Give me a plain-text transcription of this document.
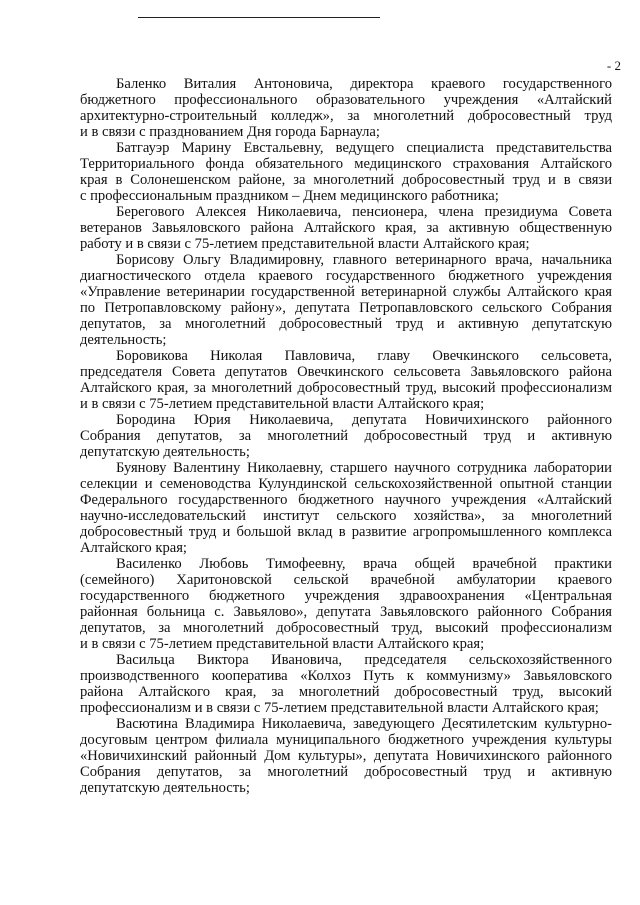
- 2
Баленко Виталия Антоновича, директора краевого государственного
бюджетного профессионального образовательного учреждения «Алтайский
архитектурно-строительный колледж», за многолетний добросовестный труд
и в связи с празднованием Дня города Барнаула;
Батгауэр Марину Евстальевну, ведущего специалиста представительства
Территориального фонда обязательного медицинского страхования Алтайского
края в Солонешенском районе, за многолетний добросовестный труд и в связи
с профессиональным праздником – Днем медицинского работника;
Берегового Алексея Николаевича, пенсионера, члена президиума Совета
ветеранов Завьяловского района Алтайского края, за активную общественную
работу и в связи с 75-летием представительной власти Алтайского края;
Борисову Ольгу Владимировну, главного ветеринарного врача, начальника
диагностического отдела краевого государственного бюджетного учреждения
«Управление ветеринарии государственной ветеринарной службы Алтайского края
по Петропавловскому району», депутата Петропавловского сельского Собрания
депутатов, за многолетний добросовестный труд и активную депутатскую
деятельность;
Боровикова Николая Павловича, главу Овечкинского сельсовета,
председателя Совета депутатов Овечкинского сельсовета Завьяловского района
Алтайского края, за многолетний добросовестный труд, высокий профессионализм
и в связи с 75-летием представительной власти Алтайского края;
Бородина Юрия Николаевича, депутата Новичихинского районного
Собрания депутатов, за многолетний добросовестный труд и активную
депутатскую деятельность;
Буянову Валентину Николаевну, старшего научного сотрудника лаборатории
селекции и семеноводства Кулундинской сельскохозяйственной опытной станции
Федерального государственного бюджетного научного учреждения «Алтайский
научно-исследовательский институт сельского хозяйства», за многолетний
добросовестный труд и большой вклад в развитие агропромышленного комплекса
Алтайского края;
Василенко Любовь Тимофеевну, врача общей врачебной практики
(семейного) Харитоновской сельской врачебной амбулатории краевого
государственного бюджетного учреждения здравоохранения «Центральная
районная больница с. Завьялово», депутата Завьяловского районного Собрания
депутатов, за многолетний добросовестный труд, высокий профессионализм
и в связи с 75-летием представительной власти Алтайского края;
Васильца Виктора Ивановича, председателя сельскохозяйственного
производственного кооператива «Колхоз Путь к коммунизму» Завьяловского
района Алтайского края, за многолетний добросовестный труд, высокий
профессионализм и в связи с 75-летием представительной власти Алтайского края;
Васютина Владимира Николаевича, заведующего Десятилетским культурно-
досуговым центром филиала муниципального бюджетного учреждения культуры
«Новичихинский районный Дом культуры», депутата Новичихинского районного
Собрания депутатов, за многолетний добросовестный труд и активную
депутатскую деятельность;
